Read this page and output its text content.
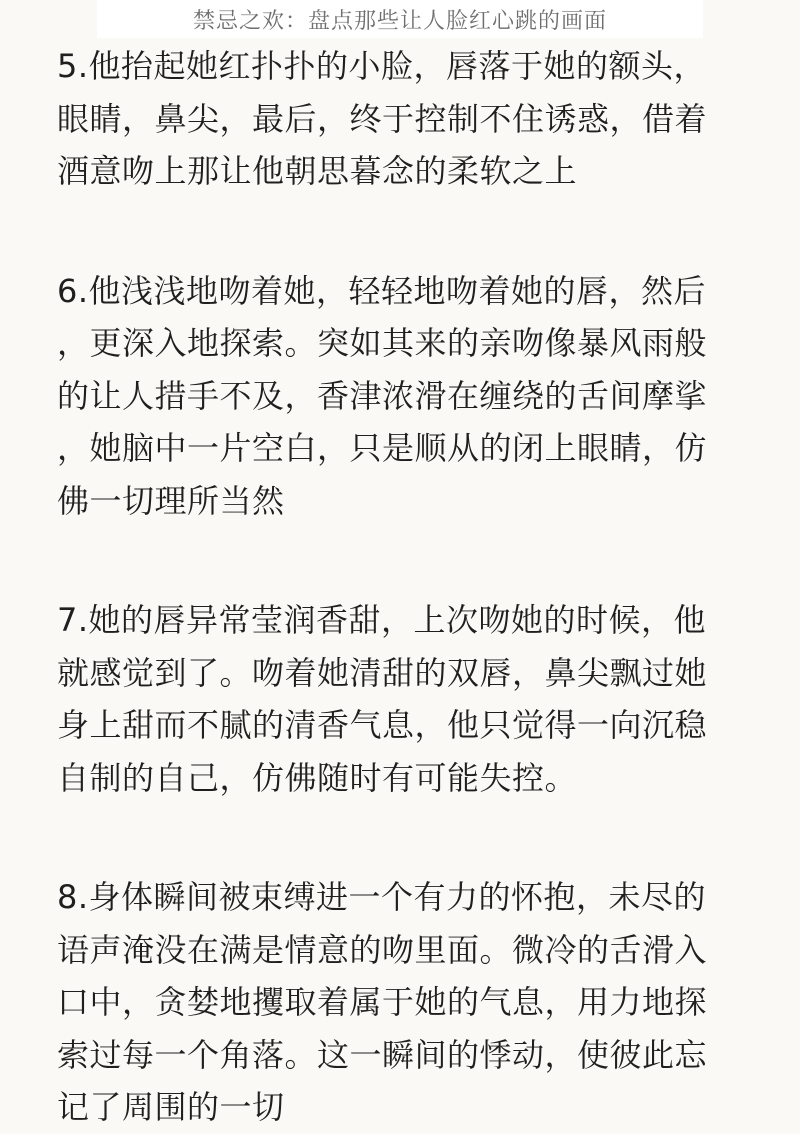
禁忌之欢：盘点那些让人脸红心跳的画面

5.他抬起她红扑扑的小脸，唇落于她的额头，
眼睛，鼻尖，最后，终于控制不住诱惑，借着
酒意吻上那让他朝思暮念的柔软之上

6.他浅浅地吻着她，轻轻地吻着她的唇，然后
，更深入地探索。突如其来的亲吻像暴风雨般
的让人措手不及，香津浓滑在缠绕的舌间摩挲
，她脑中一片空白，只是顺从的闭上眼睛，仿
佛一切理所当然

7.她的唇异常莹润香甜，上次吻她的时候，他
就感觉到了。吻着她清甜的双唇，鼻尖飘过她
身上甜而不腻的清香气息，他只觉得一向沉稳
自制的自己，仿佛随时有可能失控。

8.身体瞬间被束缚进一个有力的怀抱，未尽的
语声淹没在满是情意的吻里面。微冷的舌滑入
口中，贪婪地攫取着属于她的气息，用力地探
索过每一个角落。这一瞬间的悸动，使彼此忘
记了周围的一切
